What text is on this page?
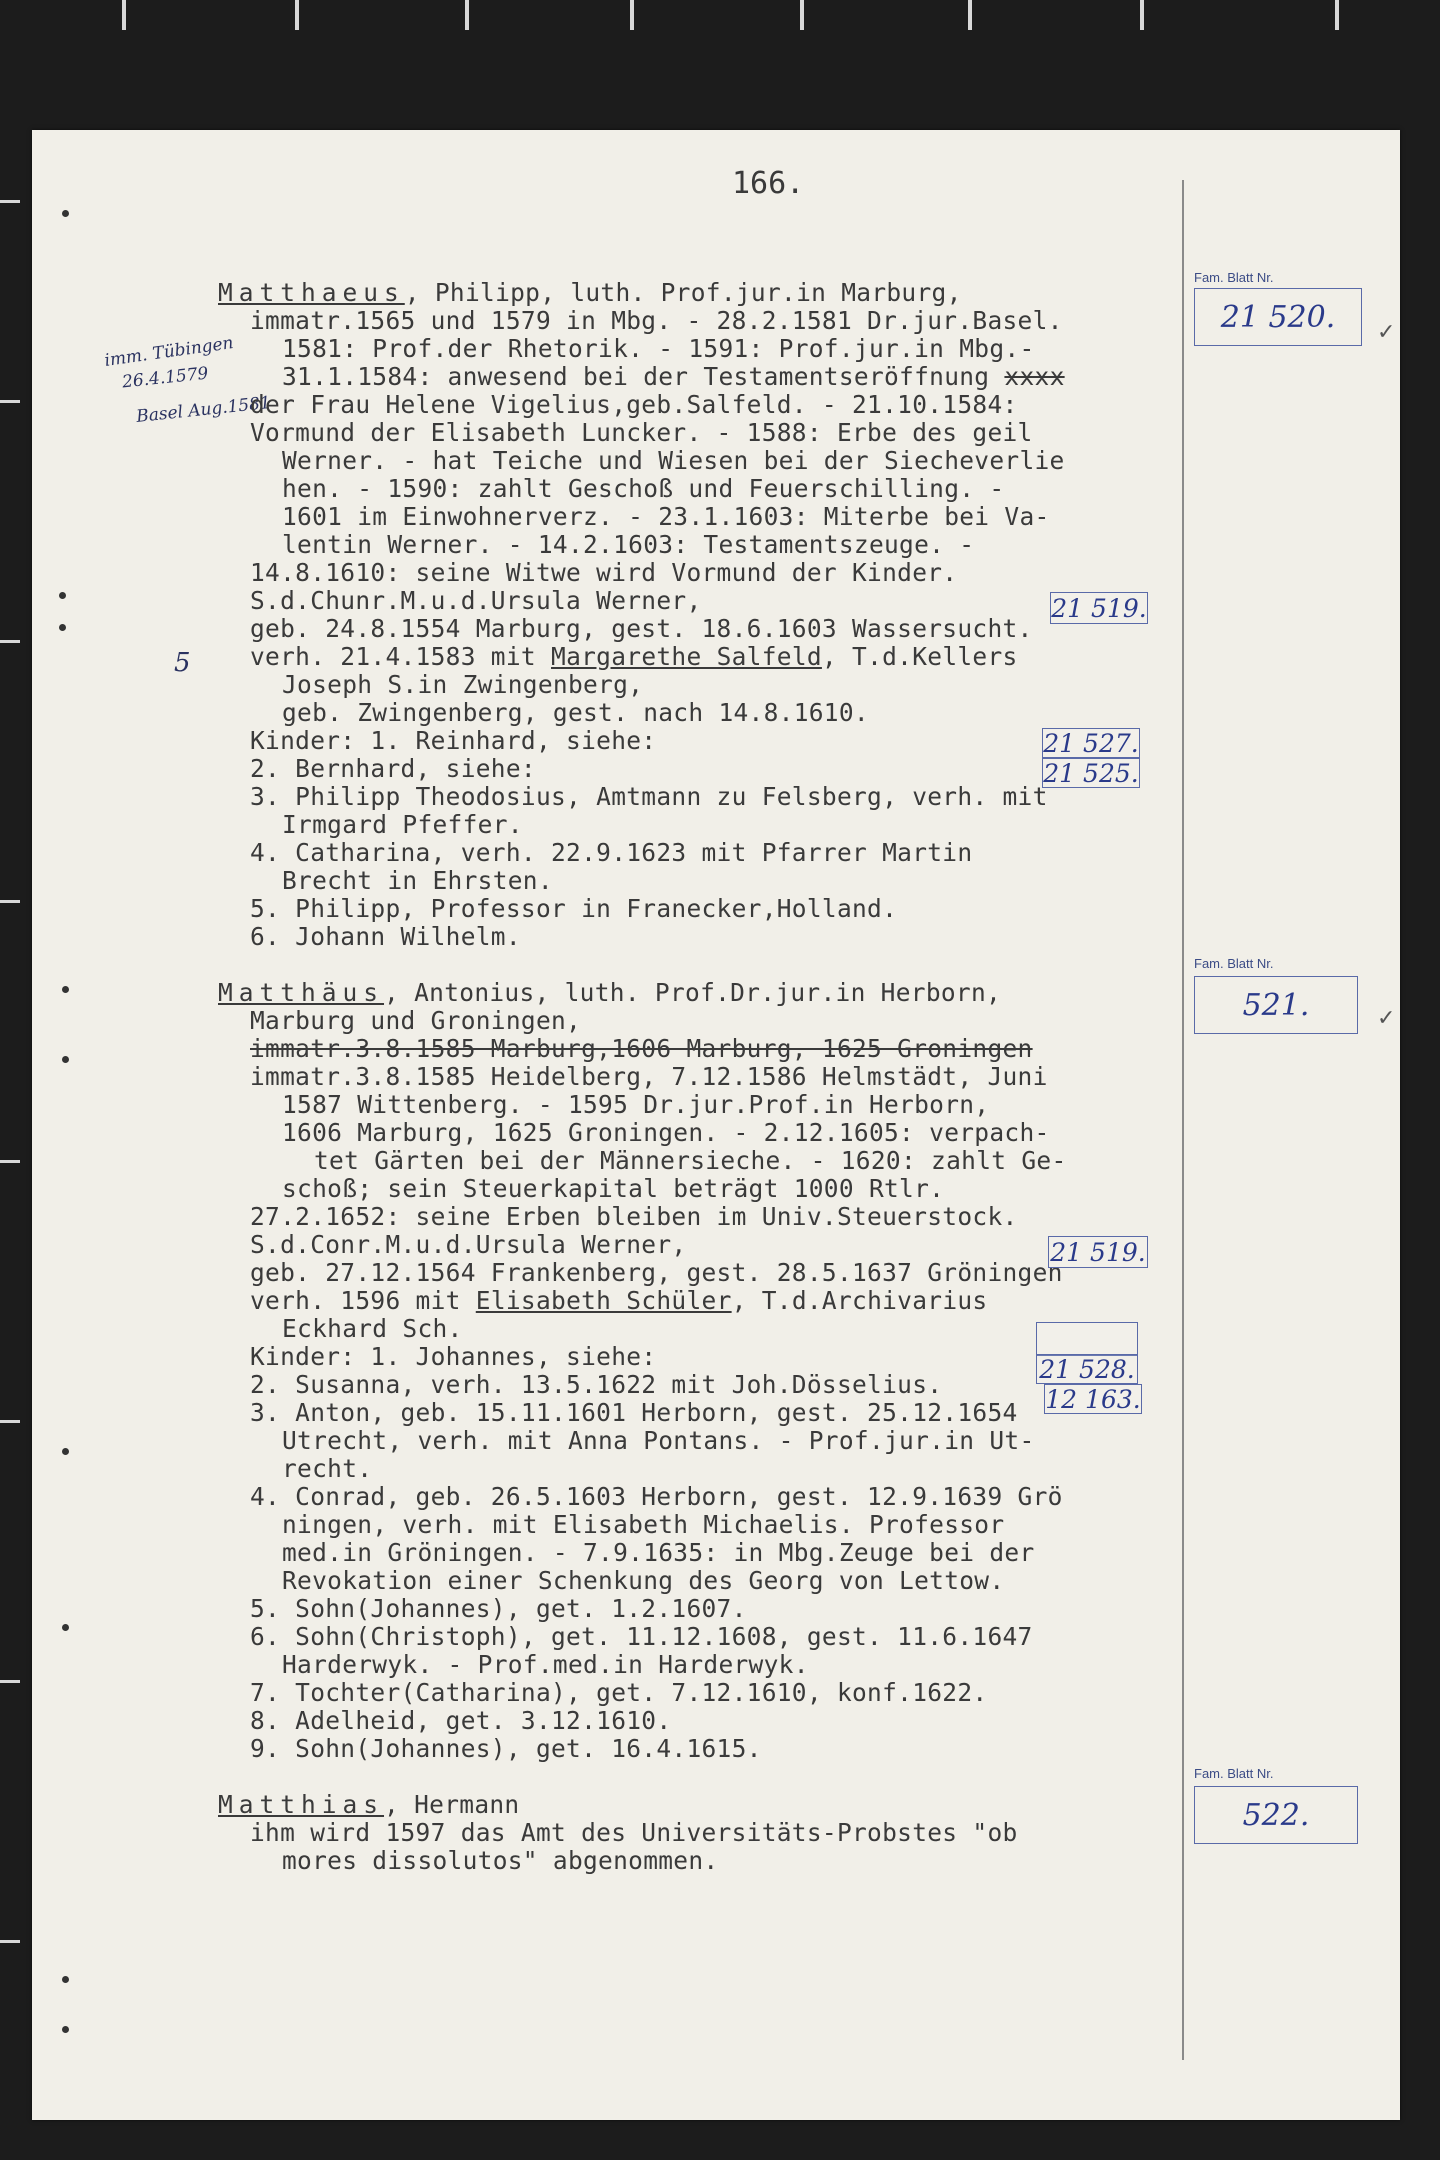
166.
imm. Tübingen
26.4.1579
Basel Aug.1581
5
Matthaeus, Philipp, luth. Prof.jur.in Marburg,
immatr.1565 und 1579 in Mbg. - 28.2.1581 Dr.jur.Basel.
1581: Prof.der Rhetorik. - 1591: Prof.jur.in Mbg.-
31.1.1584: anwesend bei der Testamentseröffnung xxxx
der Frau Helene Vigelius,geb.Salfeld. - 21.10.1584:
Vormund der Elisabeth Luncker. - 1588: Erbe des geil
Werner. - hat Teiche und Wiesen bei der Siecheverlie
hen. - 1590: zahlt Geschoß und Feuerschilling. -
1601 im Einwohnerverz. - 23.1.1603: Miterbe bei Va-
lentin Werner. - 14.2.1603: Testamentszeuge. -
14.8.1610: seine Witwe wird Vormund der Kinder.
S.d.Chunr.M.u.d.Ursula Werner,
geb. 24.8.1554 Marburg, gest. 18.6.1603 Wassersucht.
verh. 21.4.1583 mit Margarethe Salfeld, T.d.Kellers
Joseph S.in Zwingenberg,
geb. Zwingenberg, gest. nach 14.8.1610.
Kinder: 1. Reinhard, siehe:
2. Bernhard, siehe:
3. Philipp Theodosius, Amtmann zu Felsberg, verh. mit
Irmgard Pfeffer.
4. Catharina, verh. 22.9.1623 mit Pfarrer Martin
Brecht in Ehrsten.
5. Philipp, Professor in Franecker,Holland.
6. Johann Wilhelm.
Matthäus, Antonius, luth. Prof.Dr.jur.in Herborn,
Marburg und Groningen,
immatr.3.8.1585 Marburg,1606 Marburg, 1625 Groningen
immatr.3.8.1585 Heidelberg, 7.12.1586 Helmstädt, Juni
1587 Wittenberg. - 1595 Dr.jur.Prof.in Herborn,
1606 Marburg, 1625 Groningen. - 2.12.1605: verpach-
tet Gärten bei der Männersieche. - 1620: zahlt Ge-
schoß; sein Steuerkapital beträgt 1000 Rtlr.
27.2.1652: seine Erben bleiben im Univ.Steuerstock.
S.d.Conr.M.u.d.Ursula Werner,
geb. 27.12.1564 Frankenberg, gest. 28.5.1637 Gröningen
verh. 1596 mit Elisabeth Schüler, T.d.Archivarius
Eckhard Sch.
Kinder: 1. Johannes, siehe:
2. Susanna, verh. 13.5.1622 mit Joh.Dösselius.
3. Anton, geb. 15.11.1601 Herborn, gest. 25.12.1654
Utrecht, verh. mit Anna Pontans. - Prof.jur.in Ut-
recht.
4. Conrad, geb. 26.5.1603 Herborn, gest. 12.9.1639 Grö
ningen, verh. mit Elisabeth Michaelis. Professor
med.in Gröningen. - 7.9.1635: in Mbg.Zeuge bei der
Revokation einer Schenkung des Georg von Lettow.
5. Sohn(Johannes), get. 1.2.1607.
6. Sohn(Christoph), get. 11.12.1608, gest. 11.6.1647
Harderwyk. - Prof.med.in Harderwyk.
7. Tochter(Catharina), get. 7.12.1610, konf.1622.
8. Adelheid, get. 3.12.1610.
9. Sohn(Johannes), get. 16.4.1615.
Matthias, Hermann
ihm wird 1597 das Amt des Universitäts-Probstes "ob
mores dissolutos" abgenommen.
21 519.
21 527.
21 525.
21 519.
21 528.
12 163.
Fam. Blatt Nr.
21 520.	✓
Fam. Blatt Nr.
521.	✓
Fam. Blatt Nr.
522.
